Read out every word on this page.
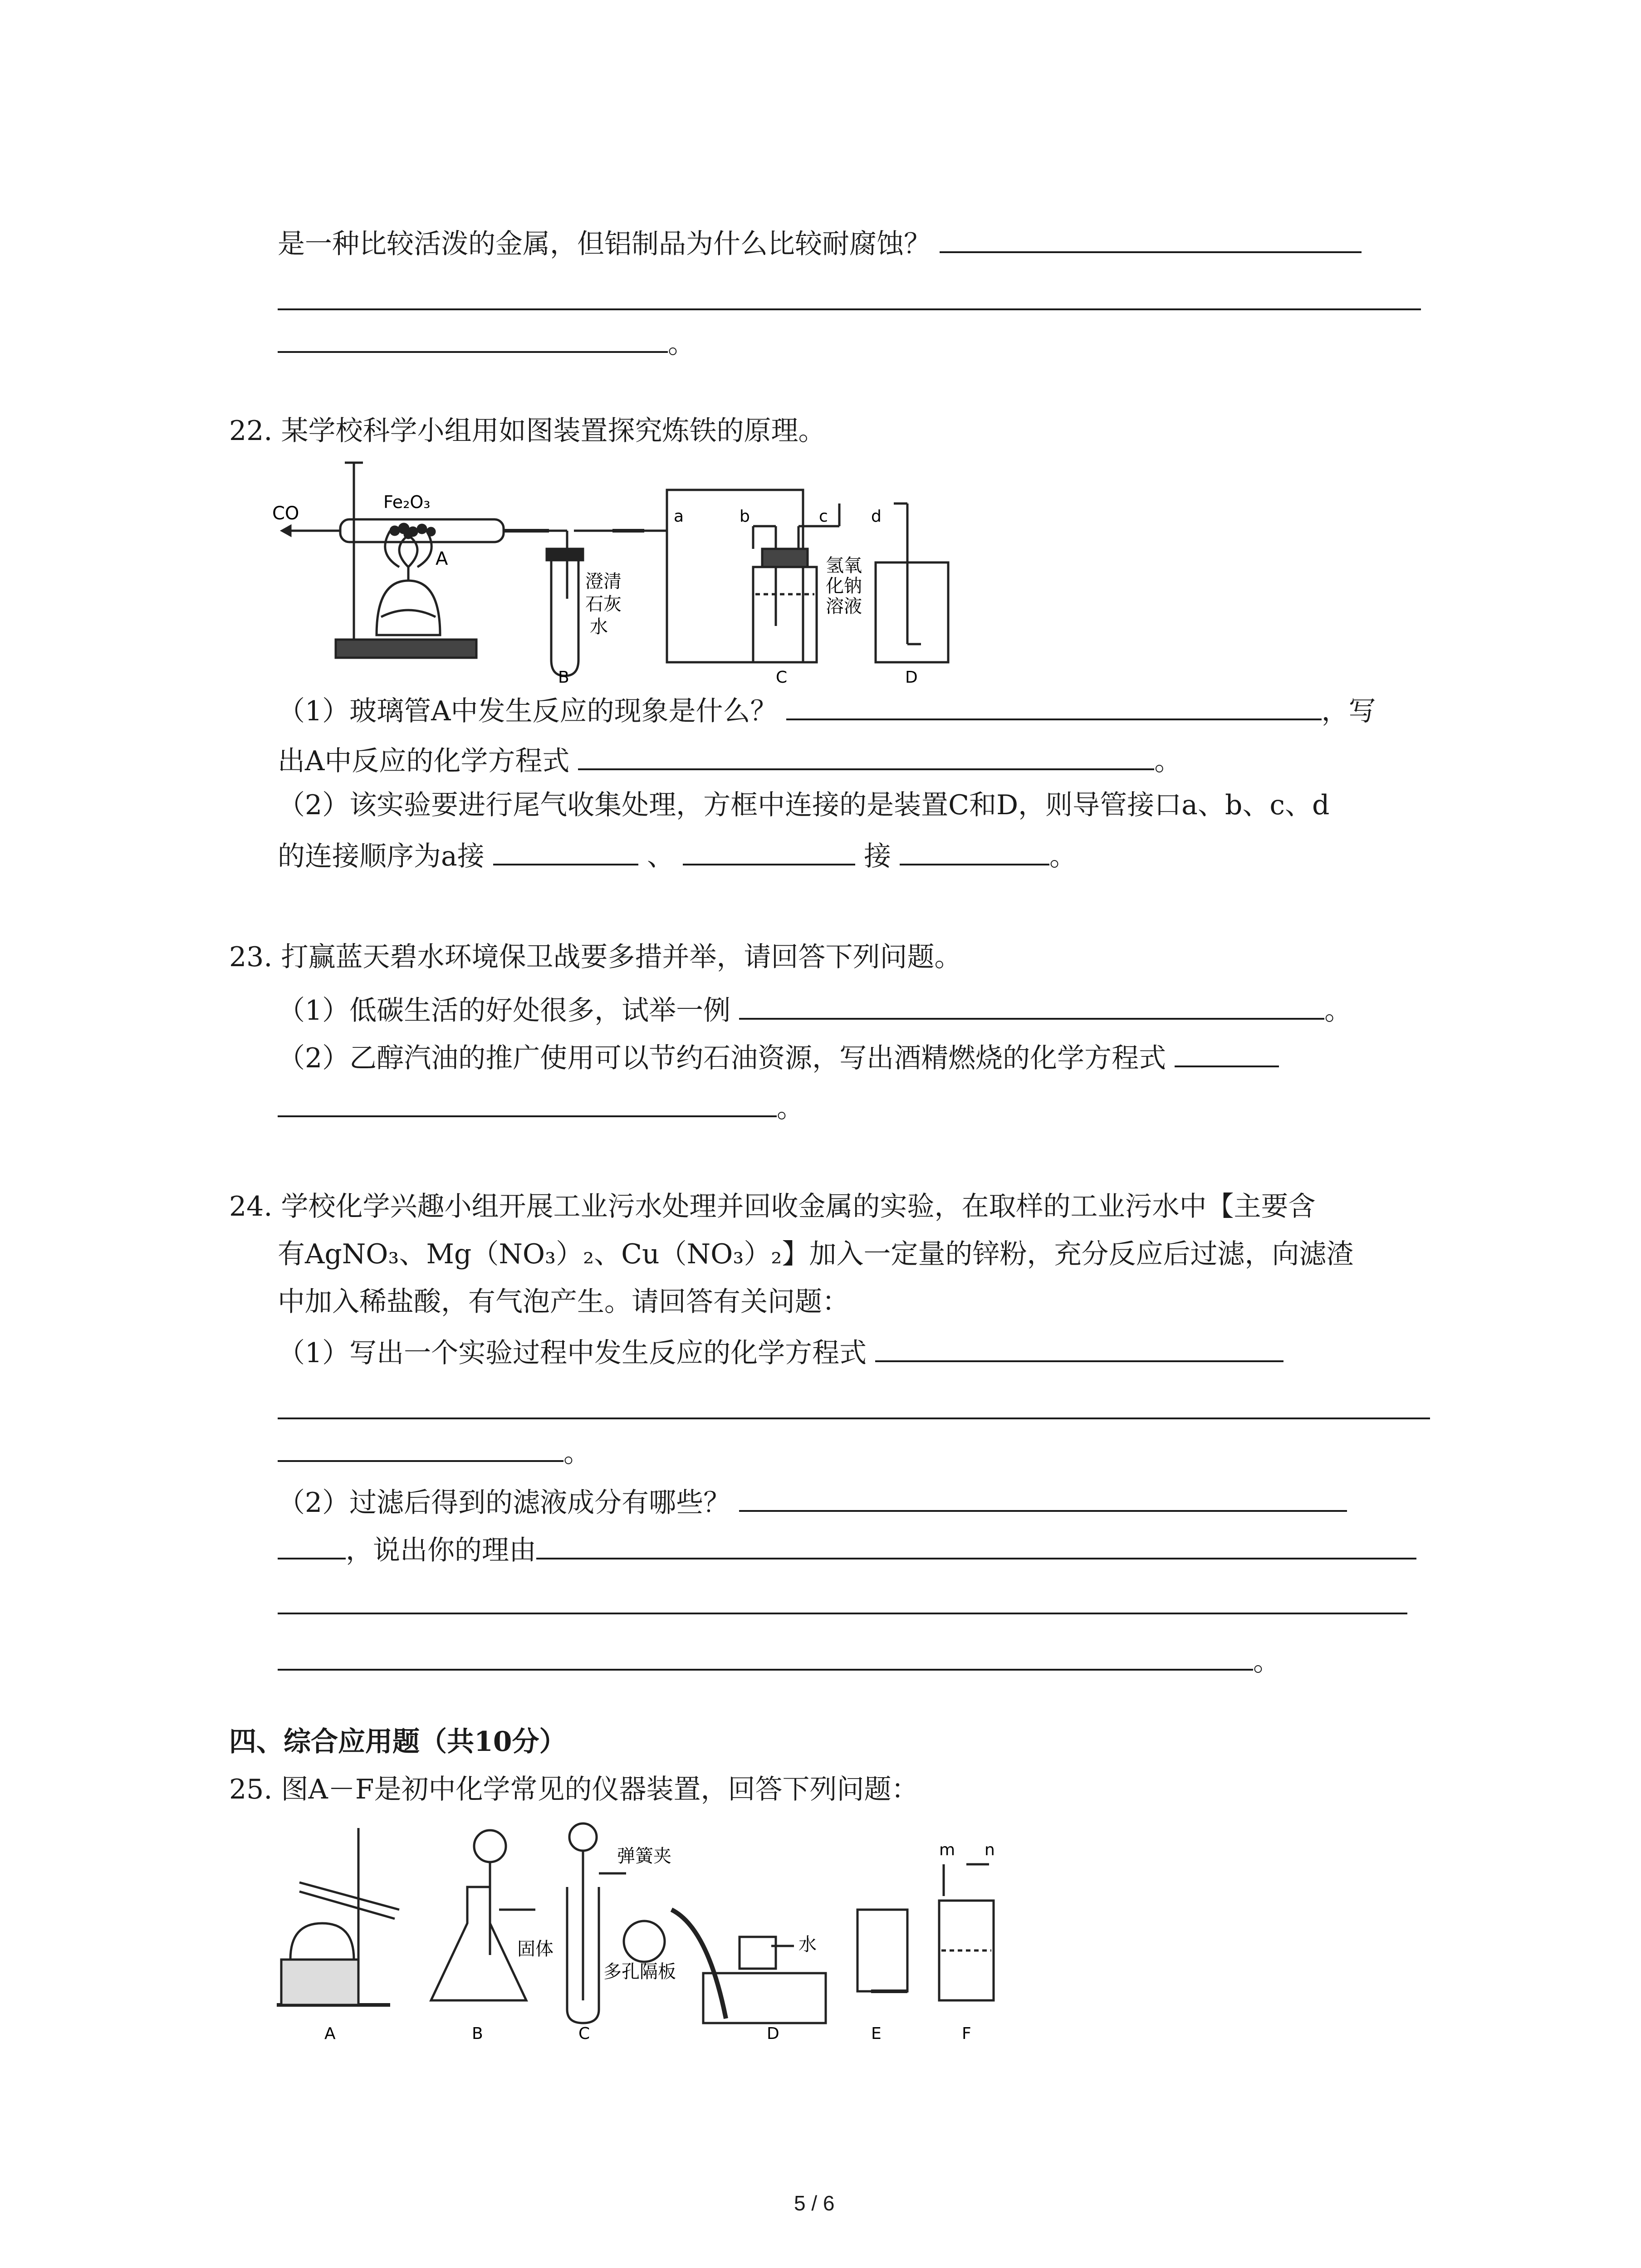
是一种比较活泼的金属，但铝制品为什么比较耐腐蚀？
。
22. 某学校科学小组用如图装置探究炼铁的原理。
CO
Fe₂O₃
A
a	b	c	d
澄 清
石 灰
水
氢氧
化钠
溶液
B	C	D
（1）玻璃管A中发生反应的现象是什么？	，写
出A中反应的化学方程式	。
（2）该实验要进行尾气收集处理，方框中连接的是装置C和D，则导管接口a、b、c、d
的连接顺序为a接	、	接	。
23. 打赢蓝天碧水环境保卫战要多措并举，请回答下列问题。
（1）低碳生活的好处很多，试举一例	。
（2）乙醇汽油的推广使用可以节约石油资源，写出酒精燃烧的化学方程式
。
24. 学校化学兴趣小组开展工业污水处理并回收金属的实验，在取样的工业污水中【主要含
有AgNO₃、Mg（NO₃）₂、Cu（NO₃）₂】加入一定量的锌粉，充分反应后过滤，向滤渣
中加入稀盐酸，有气泡产生。请回答有关问题：
（1）写出一个实验过程中发生反应的化学方程式
。
（2）过滤后得到的滤液成分有哪些？
，说出你的理由
。
四、综合应用题（共10分）
25. 图A－F是初中化学常见的仪器装置，回答下列问题：
弹簧夹
固体
多孔隔板
水
m n
A	B	C	D	E	F
5 / 6
